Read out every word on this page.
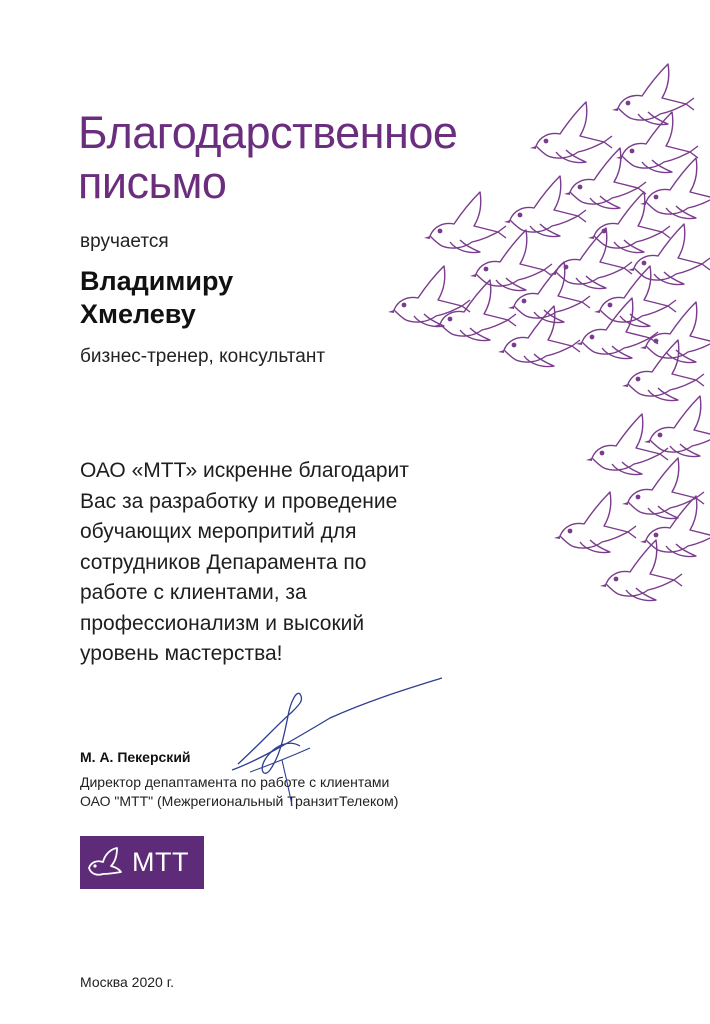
Благодарственное
письмо
вручается
Владимиру
Хмелеву
бизнес-тренер, консультант
ОАО «МТТ» искренне благодарит
Вас за разработку и проведение
обучающих меропритий для
сотрудников Депарамента по
работе с клиентами, за
профессионализм и высокий
уровень мастерства!
М. А. Пекерский
Директор депаптамента по работе с клиентами
ОАО "МТТ" (Межрегиональный ТранзитТелеком)
МТТ
Москва 2020 г.
